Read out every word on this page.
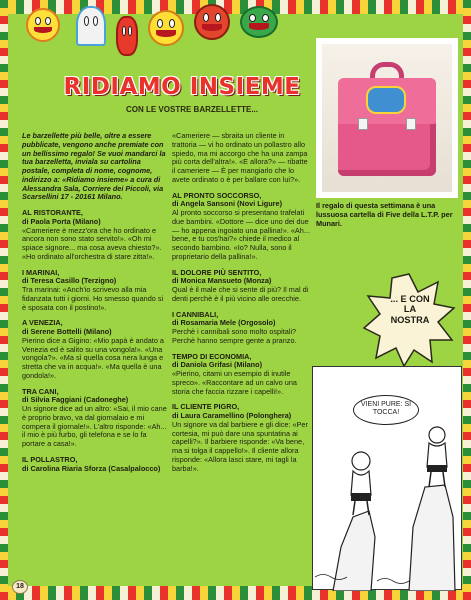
RIDIAMO INSIEME
CON LE VOSTRE BARZELLETTE...
Il regalo di questa settimana è una lussuosa cartella di Five della L.T.P. per Munari.

Le barzellette più belle, oltre a essere pubblicate, vengono anche premiate con un bellissimo regalo! Se vuoi mandarci la tua barzelletta, inviala su cartolina postale, completa di nome, cognome, indirizzo a: «Ridiamo insieme» a cura di Alessandra Sala, Corriere dei Piccoli, via Scarsellini 17 - 20161 Milano.

AL RISTORANTE,

di Paola Porta (Milano)

«Cameriere è mezz'ora che ho ordinato e ancora non sono stato servito!». «Oh mi spiace signore... ma cosa aveva chiesto?». «Ho ordinato all'orchestra di stare zitta!».

I MARINAI,

di Teresa Casillo (Terzigno)

Tra marinai: «Anch'io scrivevo alla mia fidanzata tutti i giorni. Ho smesso quando si è sposata con il postino!».

A VENEZIA,

di Serene Bottelli (Milano)

Pierino dice a Gigino: «Mio papà è andato a Venezia ed è salito su una vongola!». «Una vongola?». «Ma sì quella cosa nera lunga e stretta che va in acqua!». «Ma quella è una gondola!».

TRA CANI,

di Silvia Faggiani (Cadoneghe)

Un signore dice ad un altro: «Sai, il mio cane è proprio bravo, va dal giornalaio e mi compera il giornale!». L'altro risponde: «Ah... il mio è più furbo, gli telefona e se lo fa portare a casa!».

IL POLLASTRO,

di Carolina Riaria Sforza (Casalpalocco)

«Cameriere — sbraita un cliente in trattoria — vi ho ordinato un pollastro allo spiedo, ma mi accorgo che ha una zampa più corta dell'altra!». «E allora?» — ribatte il cameriere — È per mangiarlo che lo avete ordinato o è per ballare con lui?».

AL PRONTO SOCCORSO,

di Angela Sansoni (Novi Ligure)

Al pronto soccorso si presentano trafelati due bambini. «Dottore — dice uno dei due — ho appena ingoiato una pallina!». «Ah... bene, e tu cos'hai?» chiede il medico al secondo bambino. «Io? Nulla, sono il proprietario della pallina!».

IL DOLORE PIÙ SENTITO,

di Monica Mansueto (Monza)

Qual è il male che si sente di più? Il mal di denti perchè è il più vicino alle orecchie.

I CANNIBALI,

di Rosamaria Mele (Orgosolo)

Perchè i cannibali sono molto ospitali? Perchè hanno sempre gente a pranzo.

TEMPO DI ECONOMIA,

di Daniola Grifasi (Milano)

«Pierino, citami un esempio di inutile spreco». «Raccontare ad un calvo una storia che faccia rizzare i capelli!».

IL CLIENTE PIGRO,

di Laura Caramellino (Polonghera)

Un signore va dal barbiere e gli dice: «Per cortesia, mi può dare una spuntatina ai capelli?». Il barbiere risponde: «Va bene, ma si tolga il cappello!». Il cliente allora risponde: «Allora lasci stare, mi tagli la barba!».

... E CON LA NOSTRA
VIENI PURE: SI TOCCA!
18
